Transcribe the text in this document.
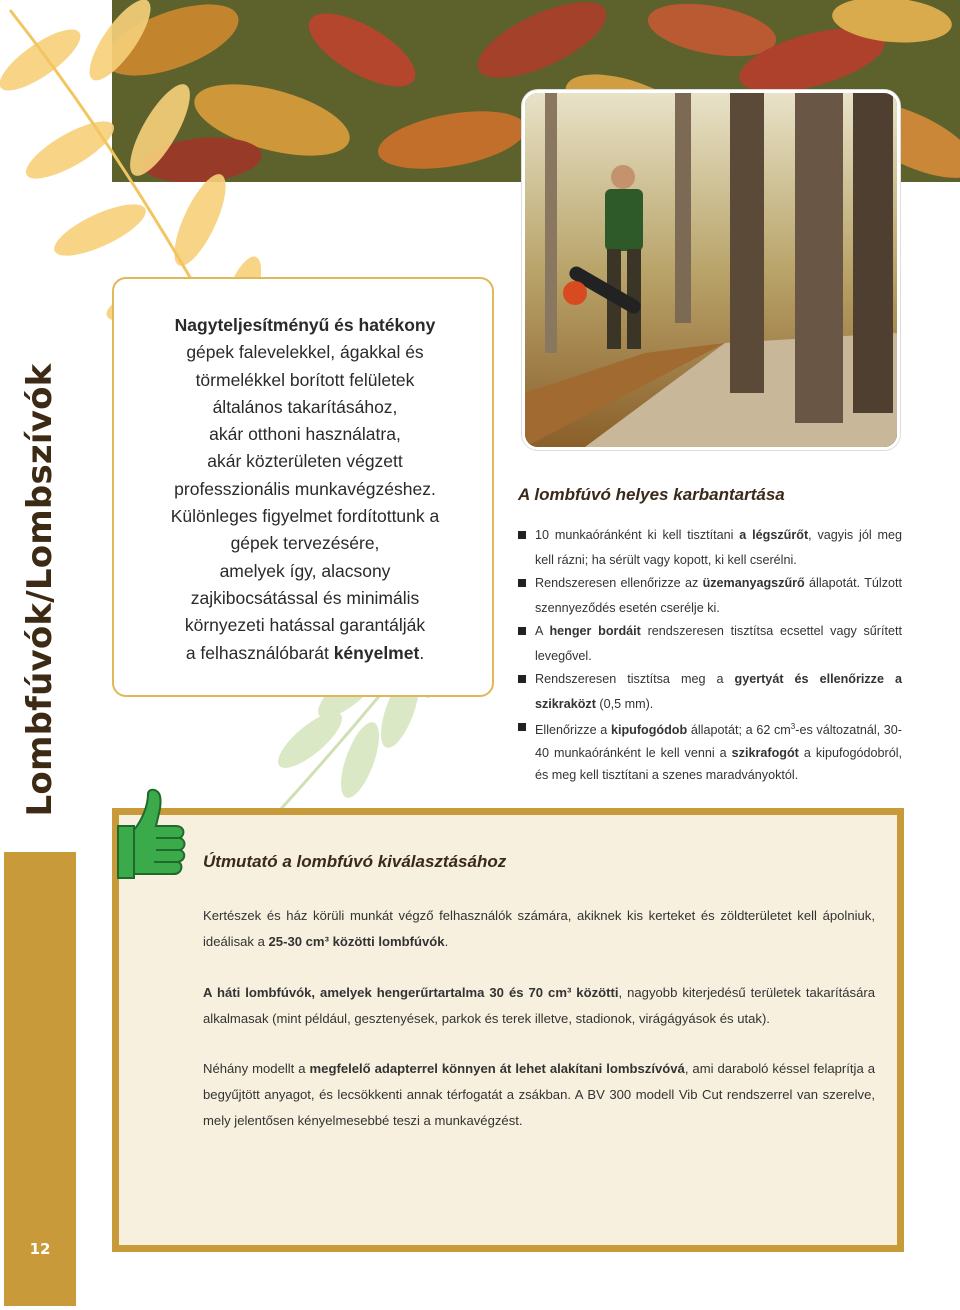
Lombfúvók/Lombszívók
12
Nagyteljesítményű és hatékony
gépek falevelekkel, ágakkal és
törmelékkel borított felületek
általános takarításához,
akár otthoni használatra,
akár közterületen végzett
professzionális munkavégzéshez.
Különleges figyelmet fordítottunk a
gépek tervezésére,
amelyek így, alacsony
zajkibocsátással és minimális
környezeti hatással garantálják
a felhasználóbarát kényelmet.
A lombfúvó helyes karbantartása
10 munkaóránként ki kell tisztítani a légszűrőt, vagyis jól meg kell rázni; ha sérült vagy kopott, ki kell cserélni.
Rendszeresen ellenőrizze az üzemanyagszűrő állapotát. Túlzott szennyeződés esetén cserélje ki.
A henger bordáit rendszeresen tisztítsa ecsettel vagy sűrített levegővel.
Rendszeresen tisztítsa meg a gyertyát és ellenőrizze a szikraközt (0,5 mm).
Ellenőrizze a kipufogódob állapotát; a 62 $cm^3-es$ változatnál, 30-40 munkaóránként le kell venni a szikrafogót a kipufogódobról, és meg kell tisztítani a szenes maradványoktól.
Útmutató a lombfúvó kiválasztásához

Kertészek és ház körüli munkát végző felhasználók számára, akiknek kis kerteket és zöldterületet kell ápolniuk, ideálisak a 25-30 cm³ közötti lombfúvók.

A háti lombfúvók, amelyek hengerűrtartalma 30 és 70 cm³ közötti, nagyobb kiterjedésű területek takarítására alkalmasak (mint például, gesztenyések, parkok és terek illetve, stadionok, virágágyások és utak).

Néhány modellt a megfelelő adapterrel könnyen át lehet alakítani lombszívóvá, ami daraboló késsel felaprítja a begyűjtött anyagot, és lecsökkenti annak térfogatát a zsákban. A BV 300 modell Vib Cut rendszerrel van szerelve, mely jelentősen kényelmesebbé teszi a munkavégzést.
